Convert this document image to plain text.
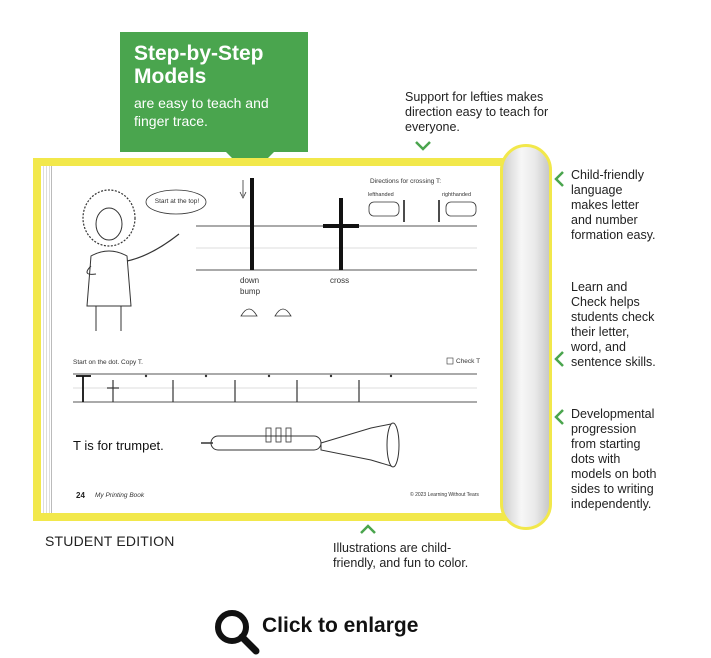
Step-by-Step
Models
are easy to teach and
finger trace.
Support for lefties makes
direction easy to teach for
everyone.
Start at the top!
Directions for crossing T:
lefthanded	righthanded
down
bump
cross
Start on the dot. Copy T.	Check T
T is for trumpet.
24 My Printing Book	© 2023 Learning Without Tears
Child-friendly
language
makes letter
and number
formation easy.
Learn and
Check helps
students check
their letter,
word, and
sentence skills.
Developmental
progression
from starting
dots with
models on both
sides to writing
independently.
STUDENT EDITION	Illustrations are child-
friendly, and fun to color.
Click to enlarge
